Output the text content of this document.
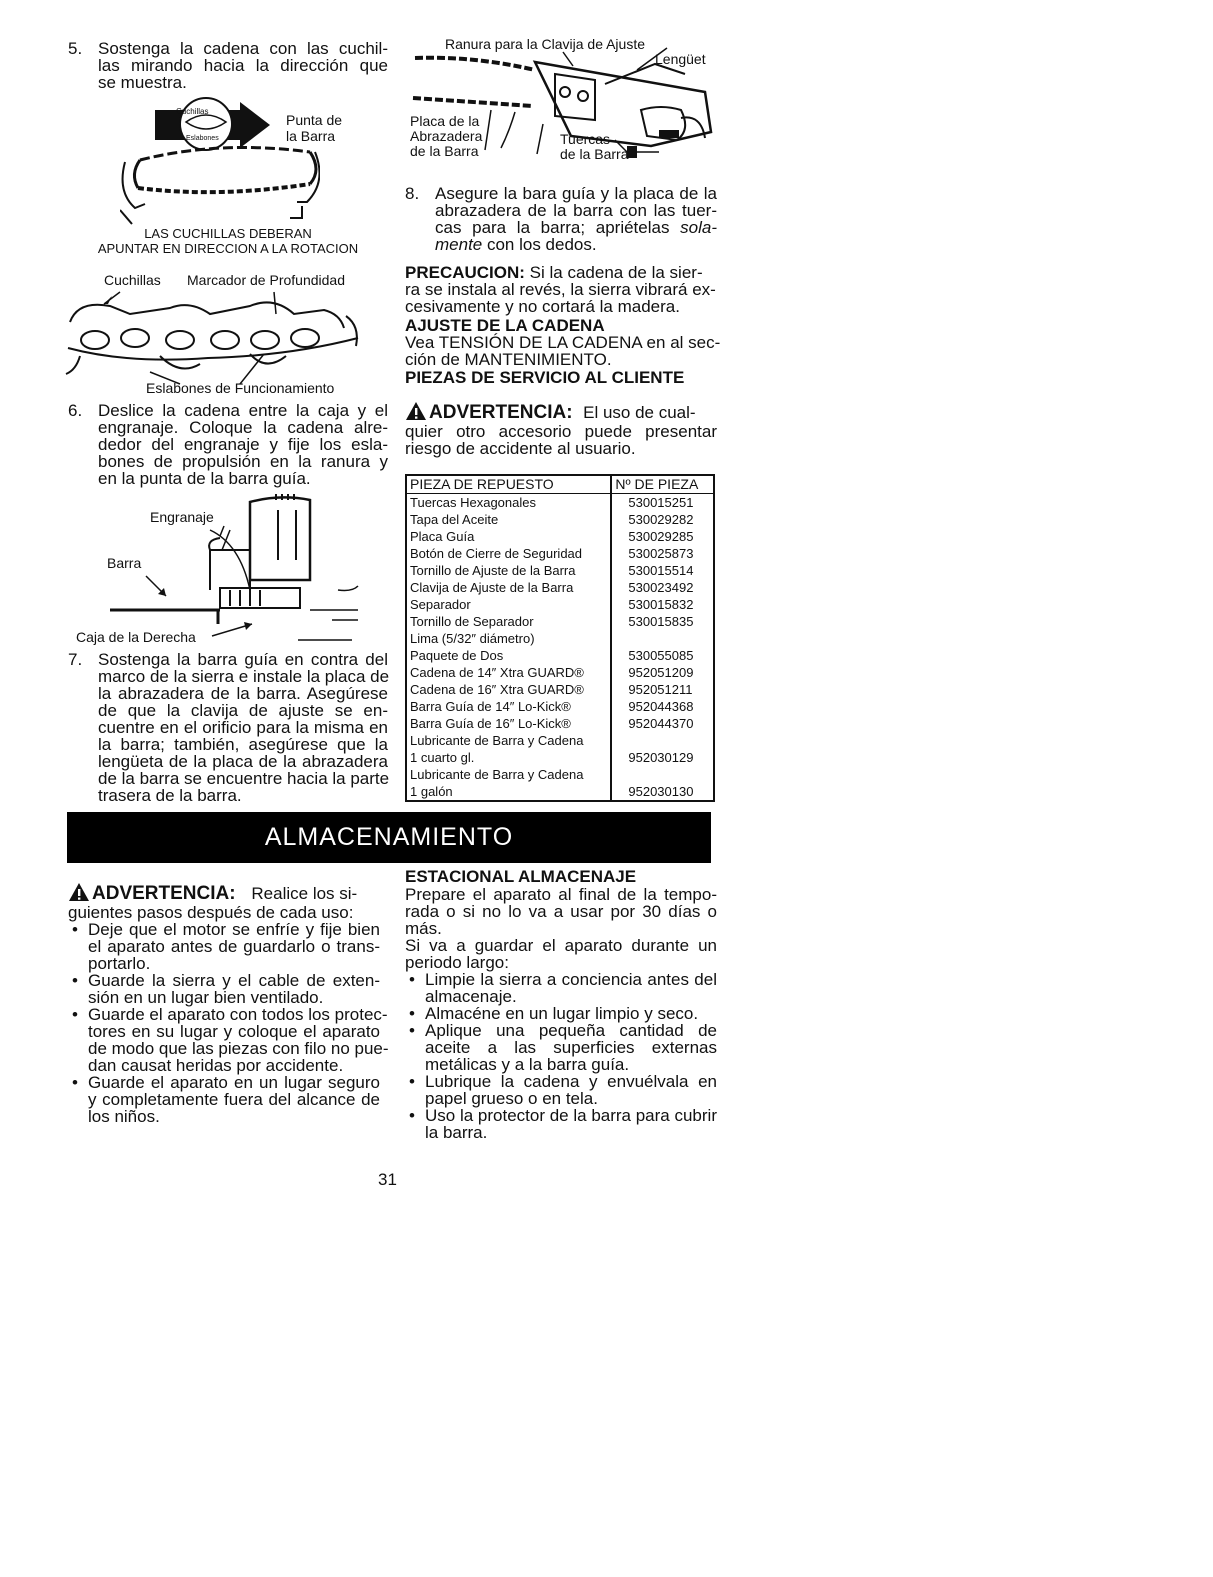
5. Sostenga la cadena con las cuchil-
las mirando hacia la dirección que
se muestra.
Cuchillas
Eslabones
Punta de
la Barra
LAS CUCHILLAS DEBERAN
APUNTAR EN DIRECCION A LA ROTACION
Cuchillas Marcador de Profundidad
Eslabones de Funcionamiento
6. Deslice la cadena entre la caja y el
engranaje. Coloque la cadena alre-
dedor del engranaje y fije los esla-
bones de propulsión en la ranura y
en la punta de la barra guía.
Engranaje
Barra
Caja de la Derecha
7. Sostenga la barra guía en contra del
marco de la sierra e instale la placa de
la abrazadera de la barra. Asegúrese
de que la clavija de ajuste se en-
cuentre en el orificio para la misma en
la barra; también, asegúrese que la
lengüeta de la placa de la abrazadera
de la barra se encuentre hacia la parte
trasera de la barra.
Ranura para la Clavija de Ajuste
Lengüet
Placa de la
Abrazadera
de la Barra
Tuercas
de la Barra
8. Asegure la bara guía y la placa de la
abrazadera de la barra con las tuer-
cas para la barra; apriételas sola-
mente con los dedos.
PRECAUCION: Si la cadena de la sier-
ra se instala al revés, la sierra vibrará ex-
cesivamente y no cortará la madera.
AJUSTE DE LA CADENA
Vea TENSIÓN DE LA CADENA en al sec-
ción de MANTENIMIENTO.
PIEZAS DE SERVICIO AL CLIENTE
ADVERTENCIA: El uso de cual-
quier otro accesorio puede presentar
riesgo de accidente al usuario.
PIEZA DE REPUESTO	Nº DE PIEZA
Tuercas Hexagonales	530015251
Tapa del Aceite	530029282
Placa Guía	530029285
Botón de Cierre de Seguridad	530025873
Tornillo de Ajuste de la Barra	530015514
Clavija de Ajuste de la Barra	530023492
Separador	530015832
Tornillo de Separador	530015835
Lima (5/32″ diámetro)	
Paquete de Dos	530055085
Cadena de 14″ Xtra GUARD®	952051209
Cadena de 16″ Xtra GUARD®	952051211
Barra Guía de 14″ Lo-Kick®	952044368
Barra Guía de 16″ Lo-Kick®	952044370
Lubricante de Barra y Cadena	
1 cuarto gl.	952030129
Lubricante de Barra y Cadena	
1 galón	952030130
ALMACENAMIENTO
ADVERTENCIA: Realice los si-
guientes pasos después de cada uso:
• Deje que el motor se enfríe y fije bien
el aparato antes de guardarlo o trans-
portarlo.
• Guarde la sierra y el cable de exten-
sión en un lugar bien ventilado.
• Guarde el aparato con todos los protec-
tores en su lugar y coloque el aparato
de modo que las piezas con filo no pue-
dan causat heridas por accidente.
• Guarde el aparato en un lugar seguro
y completamente fuera del alcance de
los niños.
ESTACIONAL ALMACENAJE
Prepare el aparato al final de la tempo-
rada o si no lo va a usar por 30 días o
más.
Si va a guardar el aparato durante un
periodo largo:
• Limpie la sierra a conciencia antes del
almacenaje.
• Almacéne en un lugar limpio y seco.
• Aplique una pequeña cantidad de
aceite a las superficies externas
metálicas y a la barra guía.
• Lubrique la cadena y envuélvala en
papel grueso o en tela.
• Uso la protector de la barra para cubrir
la barra.
31
